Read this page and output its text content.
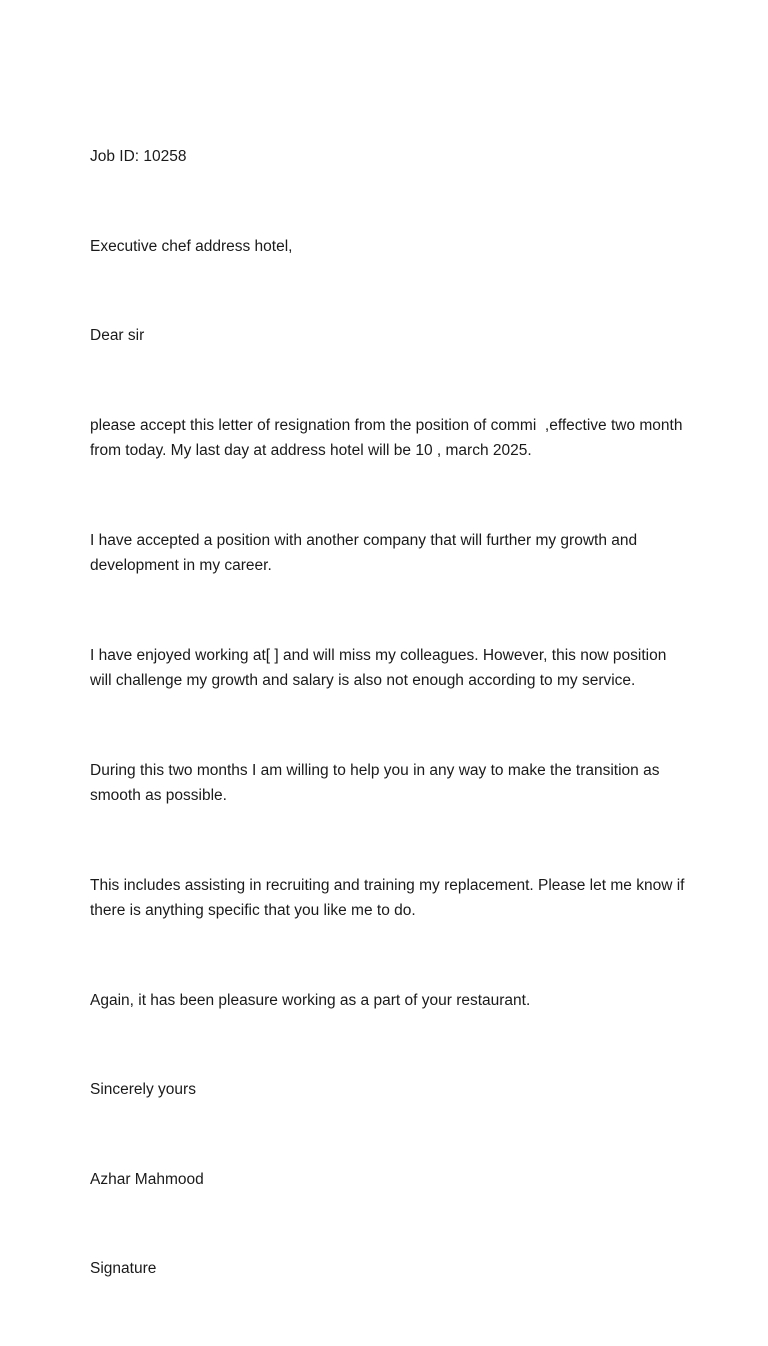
Job ID: 10258

Executive chef address hotel,

Dear sir

please accept this letter of resignation from the position of commi  ,effective two month from today. My last day at address hotel will be 10 , march 2025.

I have accepted a position with another company that will further my growth and development in my career.

I have enjoyed working at[ ] and will miss my colleagues. However, this now position will challenge my growth and salary is also not enough according to my service.

During this two months I am willing to help you in any way to make the transition as smooth as possible.

This includes assisting in recruiting and training my replacement. Please let me know if there is anything specific that you like me to do.

Again, it has been pleasure working as a part of your restaurant.

Sincerely yours

Azhar Mahmood

Signature
